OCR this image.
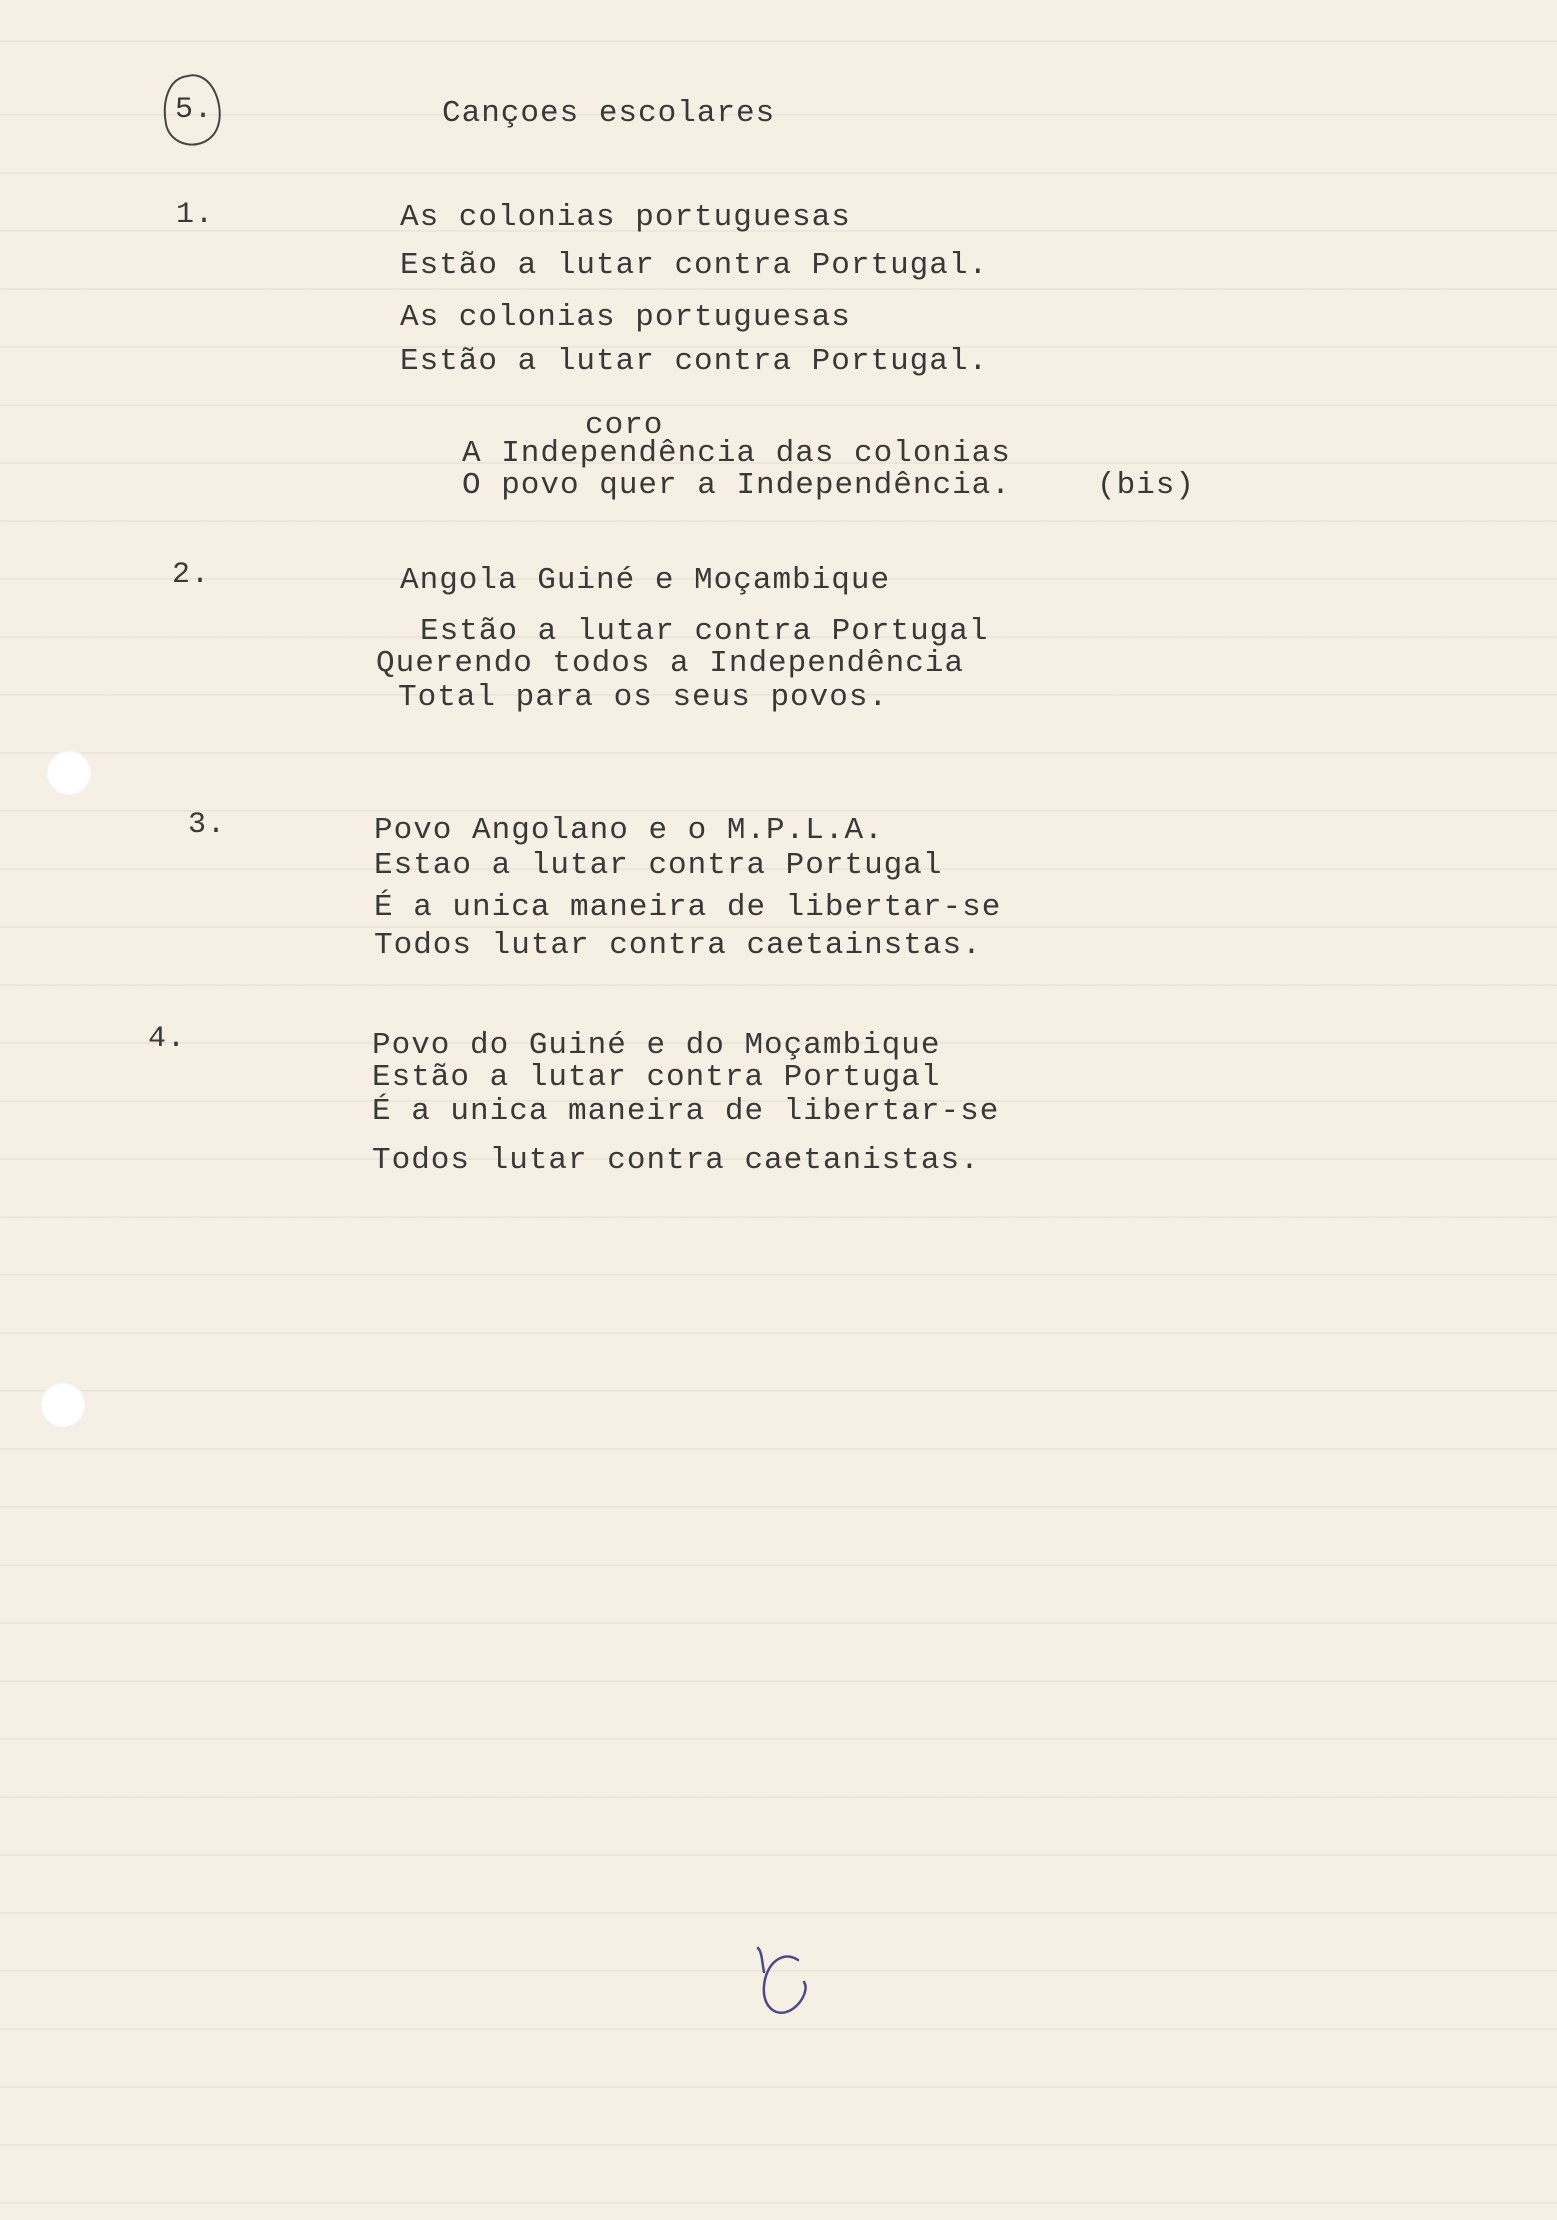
5.	Cançoes escolares
1.	As colonias portuguesas
Estão a lutar contra Portugal.
As colonias portuguesas
Estão a lutar contra Portugal.
coro
A Independência das colonias
O povo quer a Independência.	(bis)
2.	Angola Guiné e Moçambique
Estão a lutar contra Portugal
Querendo todos a Independência
Total para os seus povos.
3.	Povo Angolano e o M.P.L.A.
Estao a lutar contra Portugal
É a unica maneira de libertar-se
Todos lutar contra caetainstas.
4.	Povo do Guiné e do Moçambique
Estão a lutar contra Portugal
É a unica maneira de libertar-se
Todos lutar contra caetanistas.
